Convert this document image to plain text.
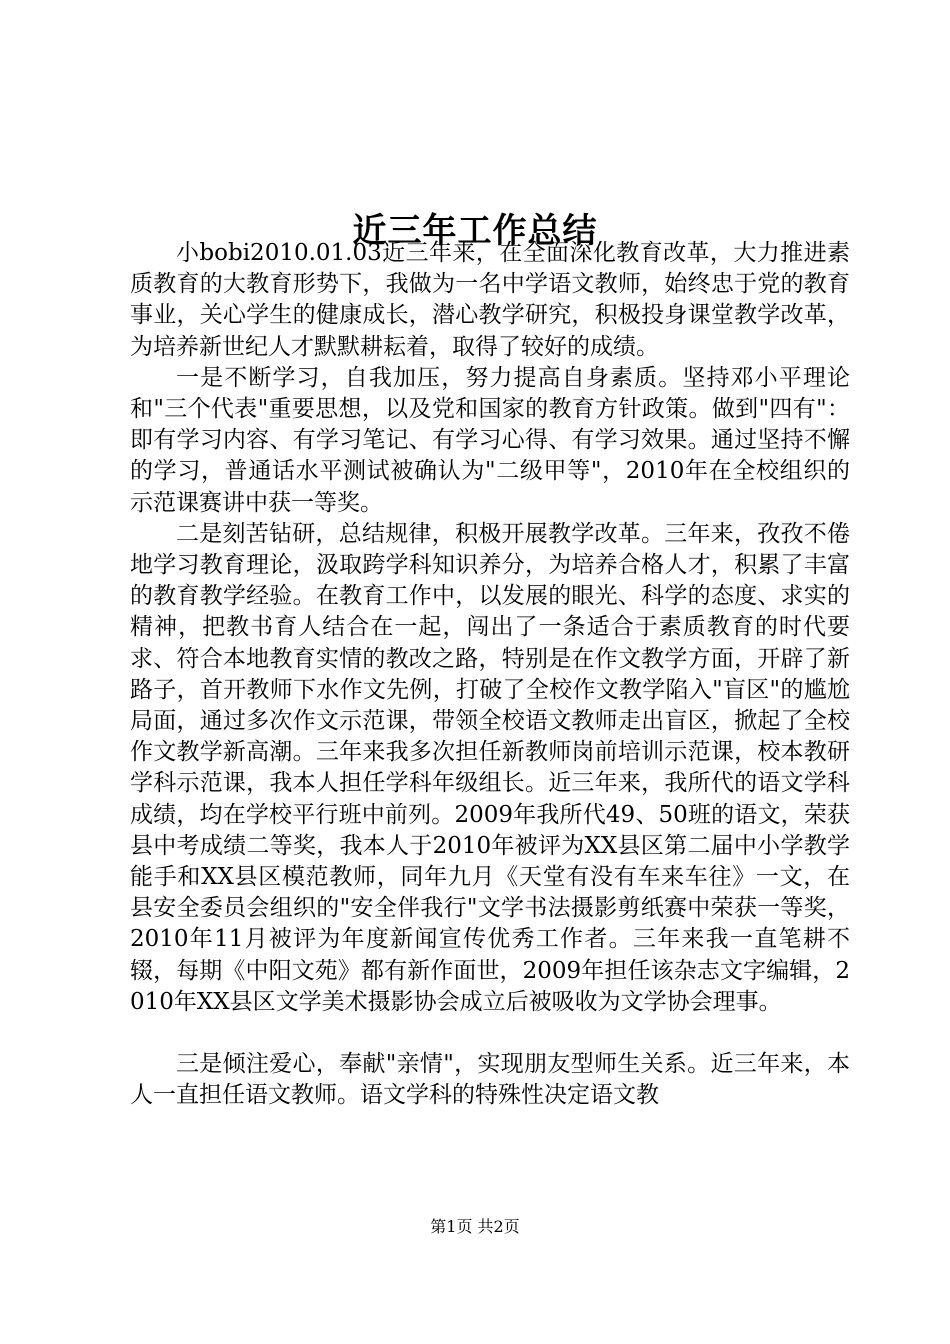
近三年工作总结

小bobi2010.01.03近三年来，在全面深化教育改革，大力推进素质教育的大教育形势下，我做为一名中学语文教师，始终忠于党的教育事业，关心学生的健康成长，潜心教学研究，积极投身课堂教学改革，为培养新世纪人才默默耕耘着，取得了较好的成绩。

一是不断学习，自我加压，努力提高自身素质。坚持邓小平理论和"三个代表"重要思想，以及党和国家的教育方针政策。做到"四有"：即有学习内容、有学习笔记、有学习心得、有学习效果。通过坚持不懈的学习，普通话水平测试被确认为"二级甲等"，2010年在全校组织的示范课赛讲中获一等奖。

二是刻苦钻研，总结规律，积极开展教学改革。三年来，孜孜不倦地学习教育理论，汲取跨学科知识养分，为培养合格人才，积累了丰富的教育教学经验。在教育工作中，以发展的眼光、科学的态度、求实的精神，把教书育人结合在一起，闯出了一条适合于素质教育的时代要求、符合本地教育实情的教改之路，特别是在作文教学方面，开辟了新路子，首开教师下水作文先例，打破了全校作文教学陷入"盲区"的尴尬局面，通过多次作文示范课，带领全校语文教师走出盲区，掀起了全校作文教学新高潮。三年来我多次担任新教师岗前培训示范课，校本教研学科示范课，我本人担任学科年级组长。近三年来，我所代的语文学科成绩，均在学校平行班中前列。2009年我所代49、50班的语文，荣获县中考成绩二等奖，我本人于2010年被评为XX县区第二届中小学教学能手和XX县区模范教师，同年九月《天堂有没有车来车往》一文，在县安全委员会组织的"安全伴我行"文学书法摄影剪纸赛中荣获一等奖，2010年11月被评为年度新闻宣传优秀工作者。三年来我一直笔耕不辍，每期《中阳文苑》都有新作面世，2009年担任该杂志文字编辑，2010年XX县区文学美术摄影协会成立后被吸收为文学协会理事。

三是倾注爱心，奉献"亲情"，实现朋友型师生关系。近三年来，本人一直担任语文教师。语文学科的特殊性决定语文教

第1页 共2页
